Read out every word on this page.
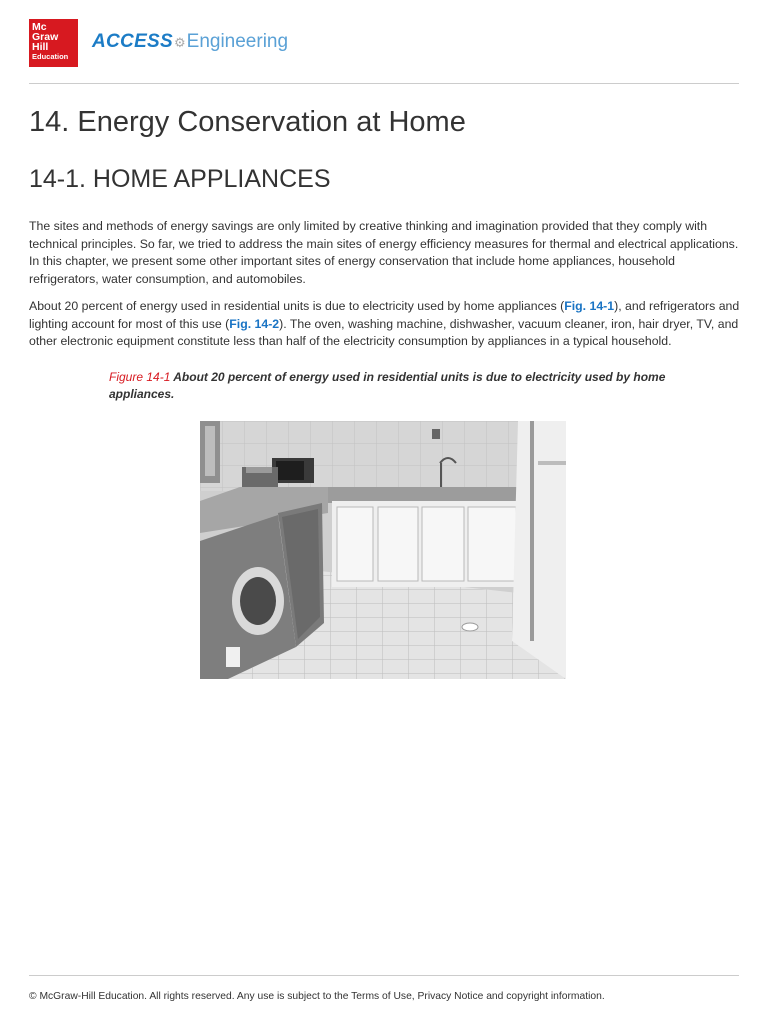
Mc
Graw
Hill
Education
ACCESS⚙Engineering
14. Energy Conservation at Home
14-1. HOME APPLIANCES

The sites and methods of energy savings are only limited by creative thinking and imagination provided that they comply with technical principles. So far, we tried to address the main sites of energy efficiency measures for thermal and electrical applications. In this chapter, we present some other important sites of energy conservation that include home appliances, household refrigerators, water consumption, and automobiles.

About 20 percent of energy used in residential units is due to electricity used by home appliances (Fig. 14-1), and refrigerators and lighting account for most of this use (Fig. 14-2). The oven, washing machine, dishwasher, vacuum cleaner, iron, hair dryer, TV, and other electronic equipment constitute less than half of the electricity consumption by appliances in a typical household.

Figure 14-1 About 20 percent of energy used in residential units is due to electricity used by home appliances.

© McGraw-Hill Education. All rights reserved. Any use is subject to the Terms of Use, Privacy Notice and copyright information.
